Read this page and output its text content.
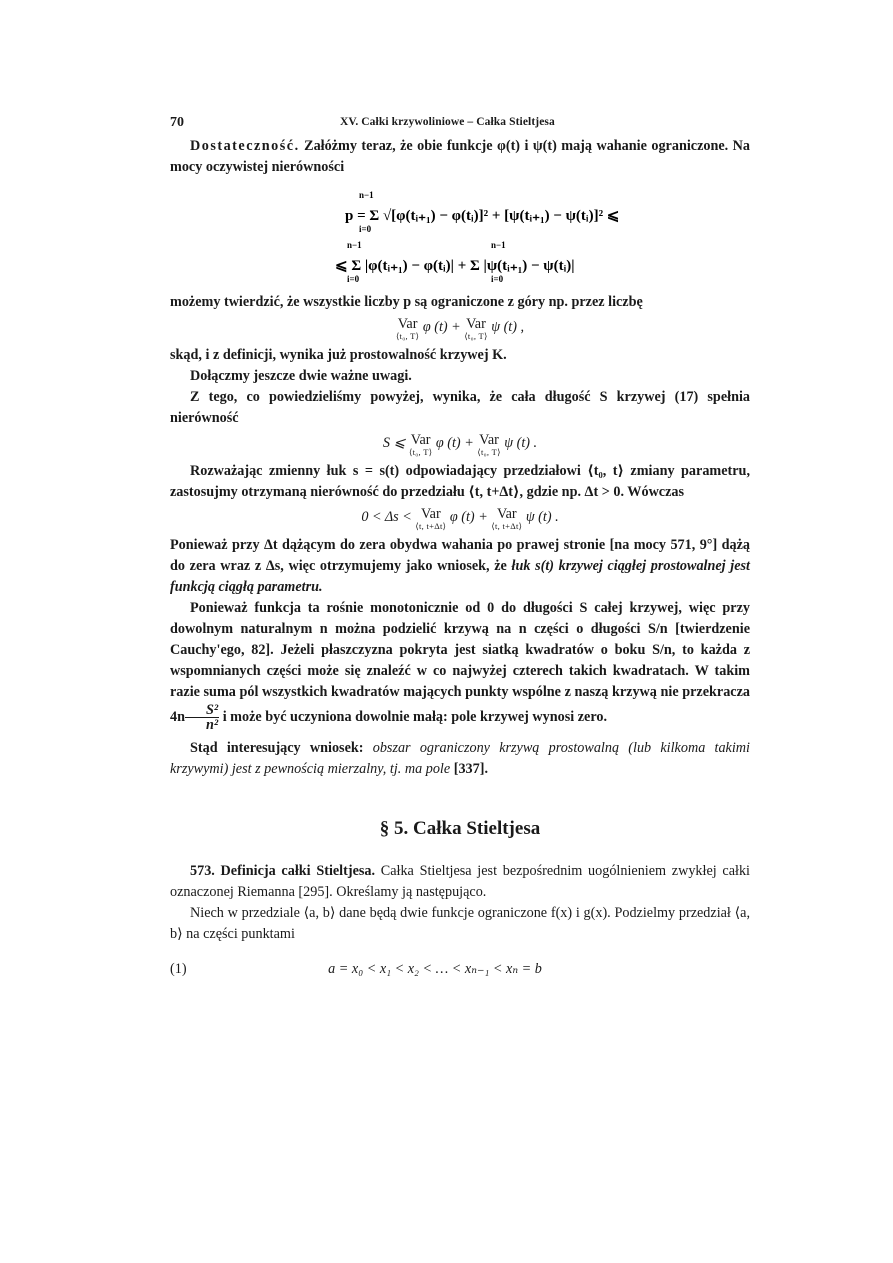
70	XV. Całki krzywoliniowe – Całka Stieltjesa

Dostateczność. Załóżmy teraz, że obie funkcje φ(t) i ψ(t) mają wahanie ograniczone. Na mocy oczywistej nierówności

p = Σ √[φ(tᵢ₊₁) − φ(tᵢ)]² + [ψ(tᵢ₊₁) − ψ(tᵢ)]² ⩽
n−1
i=0
⩽ Σ |φ(tᵢ₊₁) − φ(tᵢ)| + Σ |ψ(tᵢ₊₁) − ψ(tᵢ)|
n−1
i=0
n−1
i=0

możemy twierdzić, że wszystkie liczby p są ograniczone z góry np. przez liczbę

Var
⟨t₀, T⟩
φ (t) + Var
⟨t₀, T⟩
ψ (t) ,

skąd, i z definicji, wynika już prostowalność krzywej K.

Dołączmy jeszcze dwie ważne uwagi.

Z tego, co powiedzieliśmy powyżej, wynika, że cała długość S krzywej (17) spełnia nierówność

S ⩽ Var
⟨t₀, T⟩
φ (t) + Var
⟨t₀, T⟩
ψ (t) .

Rozważając zmienny łuk s = s(t) odpowiadający przedziałowi ⟨t₀, t⟩ zmiany parametru, zastosujmy otrzymaną nierówność do przedziału ⟨t, t+Δt⟩, gdzie np. Δt > 0. Wówczas

0 < Δs < Var
⟨t, t+Δt⟩
φ (t) + Var
⟨t, t+Δt⟩
ψ (t) .

Ponieważ przy Δt dążącym do zera obydwa wahania po prawej stronie [na mocy 571, 9°] dążą do zera wraz z Δs, więc otrzymujemy jako wniosek, że łuk s(t) krzywej ciągłej prostowalnej jest funkcją ciągłą parametru.

Ponieważ funkcja ta rośnie monotonicznie od 0 do długości S całej krzywej, więc przy dowolnym naturalnym n można podzielić krzywą na n części o długości S/n [twierdzenie Cauchy'ego, 82]. Jeżeli płaszczyzna pokryta jest siatką kwadratów o boku S/n, to każda z wspomnianych części może się znaleźć w co najwyżej czterech takich kwadratach. W takim razie suma pól wszystkich kwadratów mających punkty wspólne z naszą krzywą nie przekracza $4n \frac{\text{S²}}{\text{n²}}$ i może być uczyniona dowolnie małą: pole krzywej wynosi zero.

Stąd interesujący wniosek: obszar ograniczony krzywą prostowalną (lub kilkoma takimi krzywymi) jest z pewnością mierzalny, tj. ma pole [337].

§ 5. Całka Stieltjesa

573. Definicja całki Stieltjesa. Całka Stieltjesa jest bezpośrednim uogólnieniem zwykłej całki oznaczonej Riemanna [295]. Określamy ją następująco.

Niech w przedziale ⟨a, b⟩ dane będą dwie funkcje ograniczone f(x) i g(x). Podzielmy przedział ⟨a, b⟩ na części punktami

(1)	a = x₀ < x₁ < x₂ < … < xₙ₋₁ < xₙ = b
